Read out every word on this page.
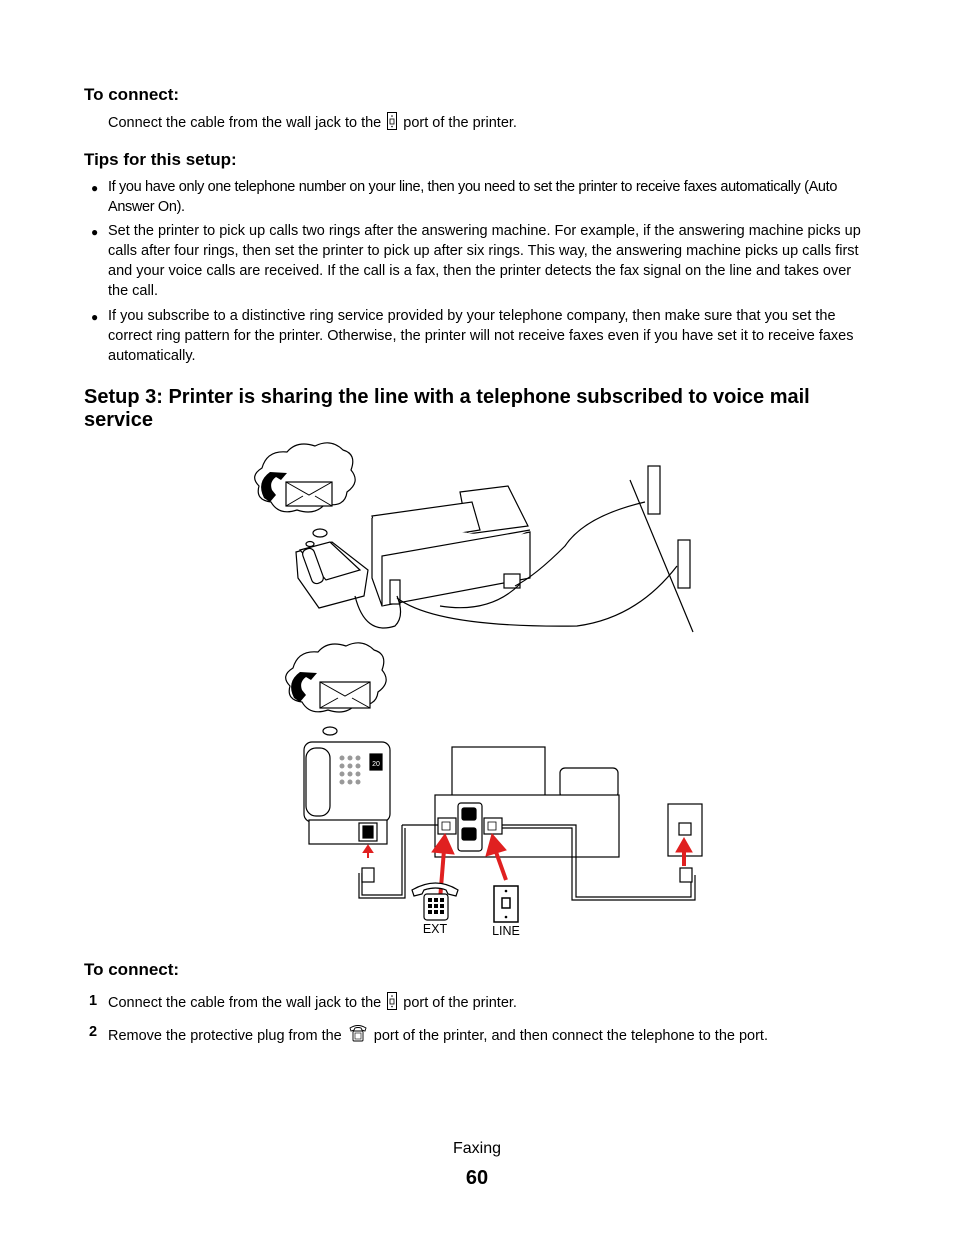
To connect:
Connect the cable from the wall jack to the port of the printer.
Tips for this setup:
● If you have only one telephone number on your line, then you need to set the printer to receive faxes automatically (Auto Answer On).
● Set the printer to pick up calls two rings after the answering machine. For example, if the answering machine picks up calls after four rings, then set the printer to pick up after six rings. This way, the answering machine picks up calls first and your voice calls are received. If the call is a fax, then the printer detects the fax signal on the line and takes over the call.
● If you subscribe to a distinctive ring service provided by your telephone company, then make sure that you set the correct ring pattern for the printer. Otherwise, the printer will not receive faxes even if you have set it to receive faxes automatically.
Setup 3: Printer is sharing the line with a telephone subscribed to voice mail service
20
EXT	LINE
To connect:
1 Connect the cable from the wall jack to the port of the printer.
2 Remove the protective plug from the port of the printer, and then connect the telephone to the port.
Faxing
60
